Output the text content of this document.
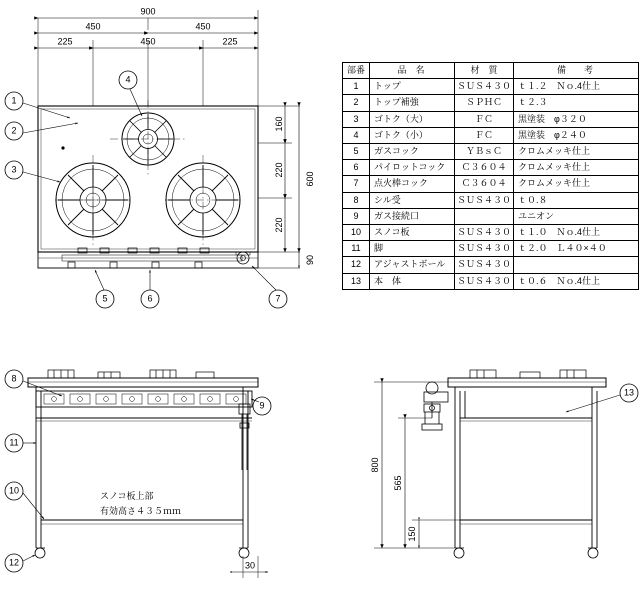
900
450	450
225	450	225
160
220
220
600
90
1
2
3
4
5	6	7
8
9
10
11
12
スノコ板上部
有効高さ４３５ｍｍ
30
13
800
565
150
部番	品　名	材　質	備　　考
1	トップ	ＳＵＳ４３０	ｔ１.２　Ｎｏ.4仕上
2	トップ補強	ＳＰＨＣ	ｔ２.３
3	ゴトク（大）	ＦＣ	黒塗装　φ３２０
4	ゴトク（小）	ＦＣ	黒塗装　φ２４０
5	ガスコック	ＹＢｓＣ	クロムメッキ仕上
6	パイロットコック	Ｃ３６０４	クロムメッキ仕上
7	点火棒コック	Ｃ３６０４	クロムメッキ仕上
8	シル受	ＳＵＳ４３０	ｔ０.８
9	ガス接続口		ユニオン
10	スノコ板	ＳＵＳ４３０	ｔ１.０　Ｎｏ.4仕上
11	脚	ＳＵＳ４３０	ｔ２.０　Ｌ４０×４０
12	アジャストボール	ＳＵＳ４３０	
13	本　体	ＳＵＳ４３０	ｔ０.６　Ｎｏ.4仕上
